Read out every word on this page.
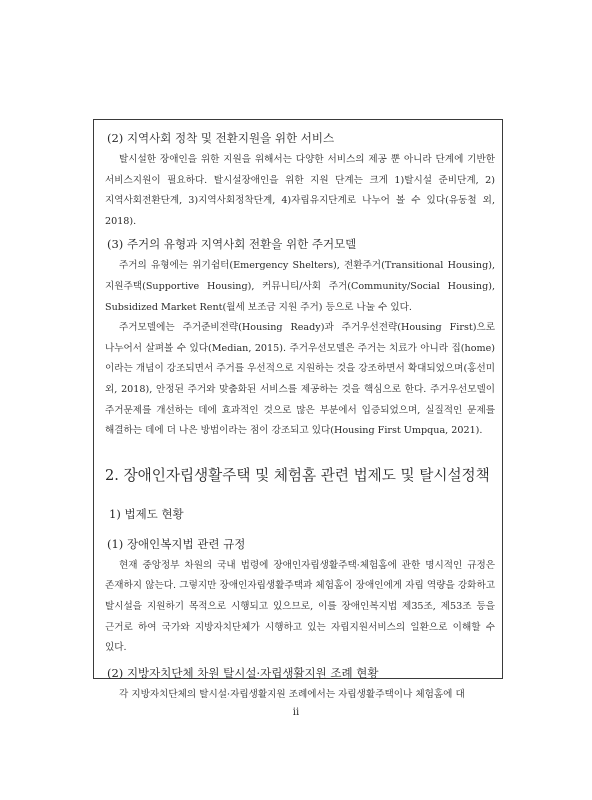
(2) 지역사회 정착 및 전환지원을 위한 서비스

탈시설한 장애인을 위한 지원을 위해서는 다양한 서비스의 제공 뿐 아니라 단계에 기반한 서비스지원이 필요하다. 탈시설장애인을 위한 지원 단계는 크게 1)탈시설 준비단계, 2)지역사회전환단계, 3)지역사회정착단계, 4)자립유지단계로 나누어 볼 수 있다(유동철 외, 2018).

(3) 주거의 유형과 지역사회 전환을 위한 주거모델

주거의 유형에는 위기쉼터(Emergency Shelters), 전환주거(Transitional Housing), 지원주택(Supportive Housing), 커뮤니티/사회 주거(Community/Social Housing), Subsidized Market Rent(월세 보조금 지원 주거) 등으로 나눌 수 있다.

주거모델에는 주거준비전략(Housing Ready)과 주거우선전략(Housing First)으로 나누어서 살펴볼 수 있다(Median, 2015). 주거우선모델은 주거는 치료가 아니라 집(home)이라는 개념이 강조되면서 주거를 우선적으로 지원하는 것을 강조하면서 확대되었으며(홍선미 외, 2018), 안정된 주거와 맞춤화된 서비스를 제공하는 것을 핵심으로 한다. 주거우선모델이 주거문제를 개선하는 데에 효과적인 것으로 많은 부분에서 입증되었으며, 실질적인 문제를 해결하는 데에 더 나은 방법이라는 점이 강조되고 있다(Housing First Umpqua, 2021).

2. 장애인자립생활주택 및 체험홈 관련 법제도 및 탈시설정책
1) 법제도 현황
(1) 장애인복지법 관련 규정

현재 중앙정부 차원의 국내 법령에 장애인자립생활주택·체험홈에 관한 명시적인 규정은 존재하지 않는다. 그렇지만 장애인자립생활주택과 체험홈이 장애인에게 자립 역량을 강화하고 탈시설을 지원하기 목적으로 시행되고 있으므로, 이를 장애인복지법 제35조, 제53조 등을 근거로 하여 국가와 지방자치단체가 시행하고 있는 자립지원서비스의 일환으로 이해할 수 있다.

(2) 지방자치단체 차원 탈시설·자립생활지원 조례 현황

각 지방자치단체의 탈시설·자립생활지원 조례에서는 자립생활주택이나 체험홈에 대

ii
